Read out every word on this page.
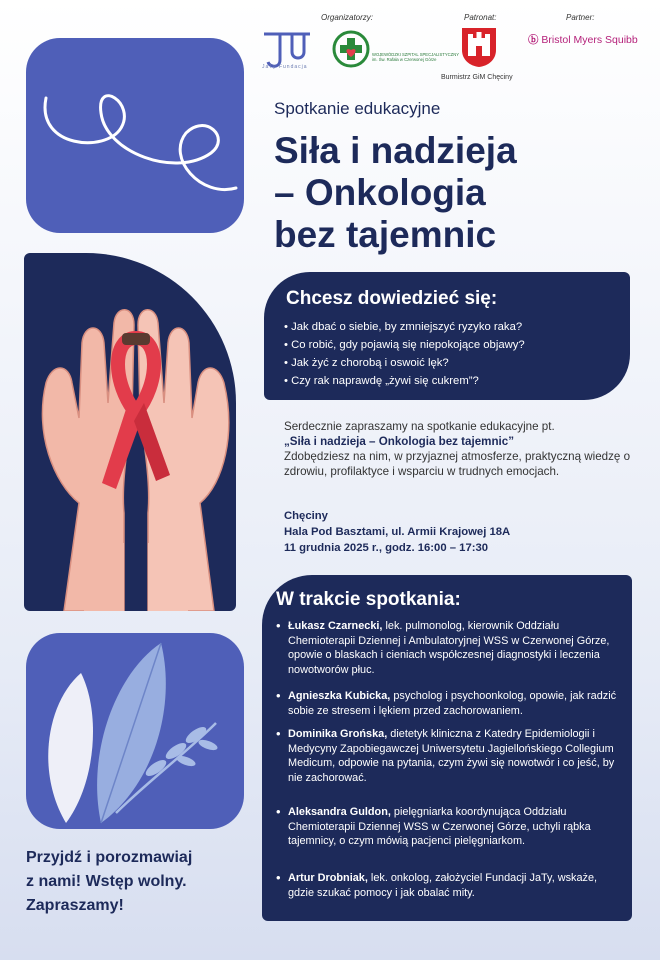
Organizatorzy:	Patronat:	Partner:
JaTy Fundacja
WOJEWÓDZKI SZPITAL SPECJALISTYCZNY im. Św. Rafała w Czerwonej Górze
Burmistrz GiM Chęciny
ⓑ Bristol Myers Squibb
Spotkanie edukacyjne
Siła i nadzieja
– Onkologia
bez tajemnic
Chcesz dowiedzieć się:
• Jak dbać o siebie, by zmniejszyć ryzyko raka?
• Co robić, gdy pojawią się niepokojące objawy?
• Jak żyć z chorobą i oswoić lęk?
• Czy rak naprawdę „żywi się cukrem”?
Serdecznie zapraszamy na spotkanie edukacyjne pt.
„Siła i nadzieja – Onkologia bez tajemnic”
Zdobędziesz na nim, w przyjaznej atmosferze, praktyczną wiedzę o zdrowiu, profilaktyce i wsparciu w trudnych emocjach.
Chęciny
Hala Pod Basztami, ul. Armii Krajowej 18A
11 grudnia 2025 r., godz. 16:00 – 17:30
W trakcie spotkania:
• Łukasz Czarnecki, lek. pulmonolog, kierownik Oddziału Chemioterapii Dziennej i Ambulatoryjnej WSS w Czerwonej Górze, opowie o blaskach i cieniach współczesnej diagnostyki i leczenia nowotworów płuc.
• Agnieszka Kubicka, psycholog i psychoonkolog, opowie, jak radzić sobie ze stresem i lękiem przed zachorowaniem.
• Dominika Grońska, dietetyk kliniczna z Katedry Epidemiologii i Medycyny Zapobiegawczej Uniwersytetu Jagiellońskiego Collegium Medicum, odpowie na pytania, czym żywi się nowotwór i co jeść, by nie zachorować.
• Aleksandra Guldon, pielęgniarka koordynująca Oddziału Chemioterapii Dziennej WSS w Czerwonej Górze, uchyli rąbka tajemnicy, o czym mówią pacjenci pielęgniarkom.
• Artur Drobniak, lek. onkolog, założyciel Fundacji JaTy, wskaże, gdzie szukać pomocy i jak obalać mity.
Przyjdź i porozmawiaj
z nami! Wstęp wolny.
Zapraszamy!
